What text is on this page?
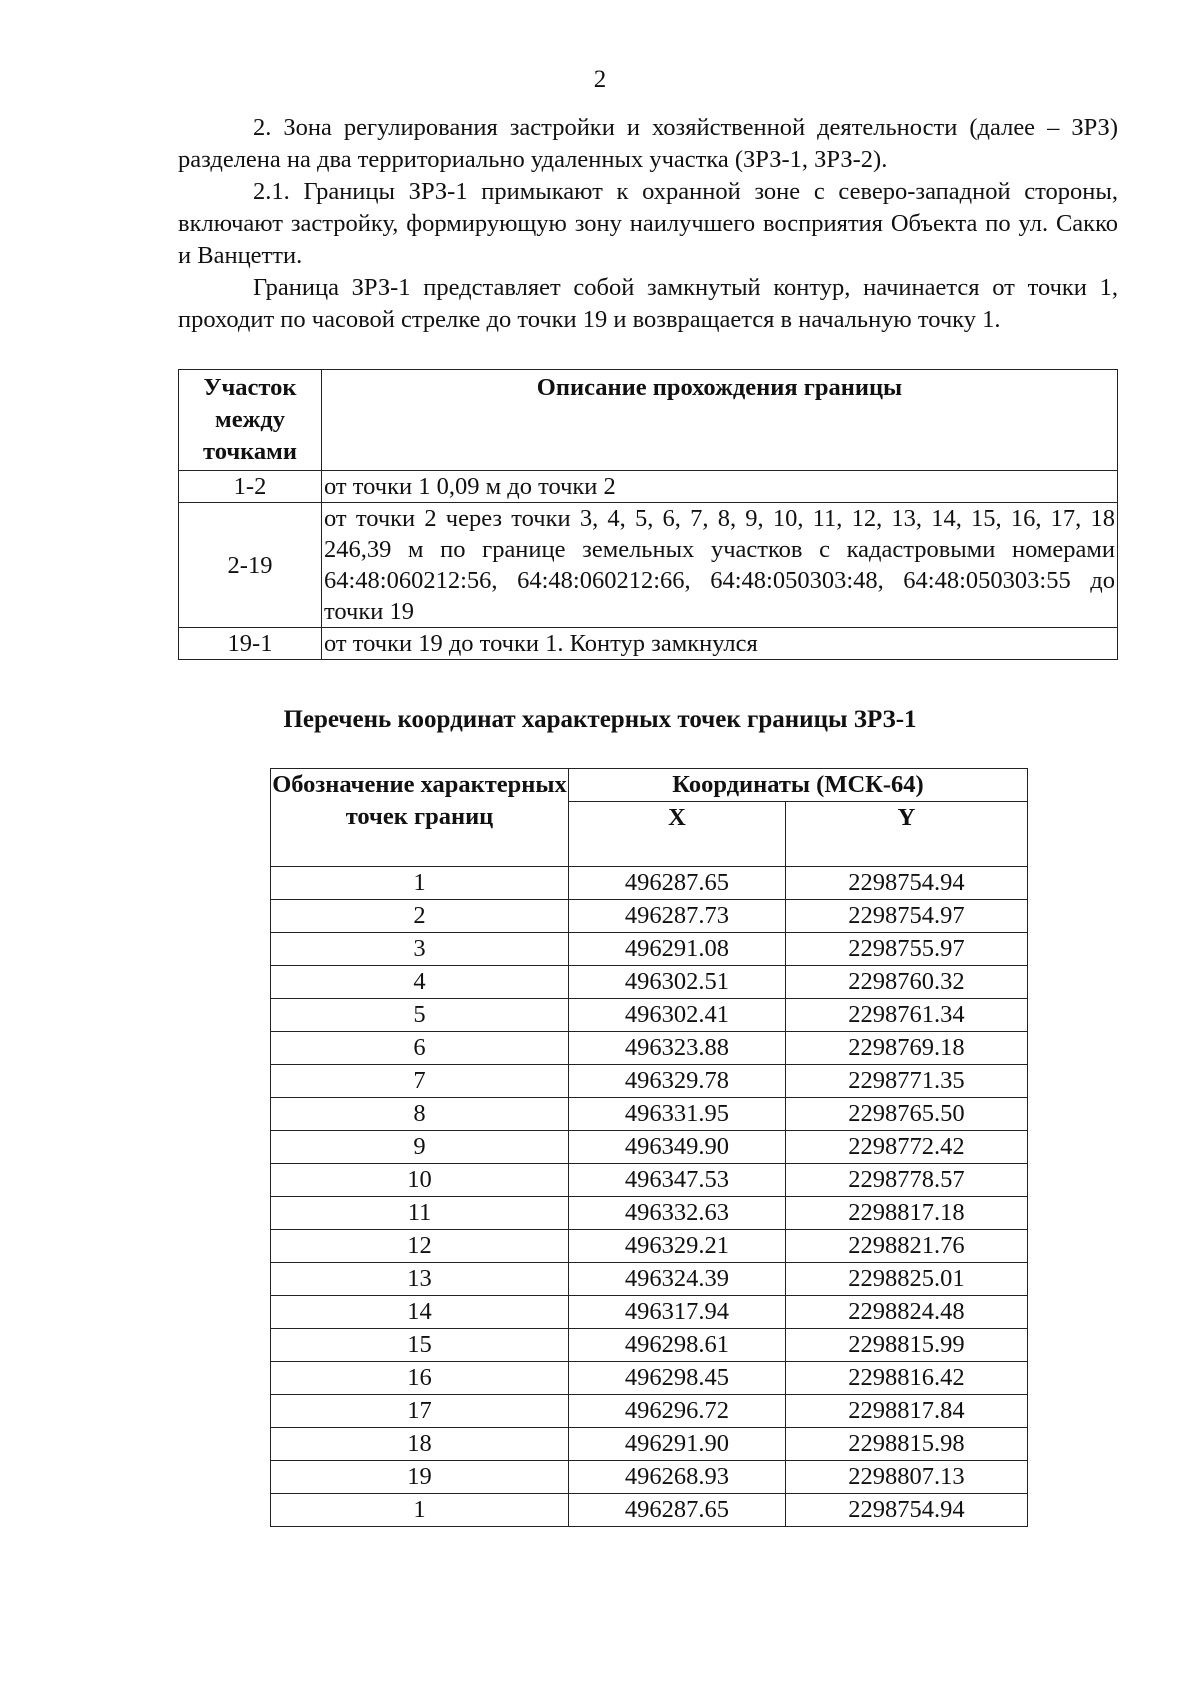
2

2. Зона регулирования застройки и хозяйственной деятельности (далее – ЗРЗ) разделена на два территориально удаленных участка (ЗРЗ-1, ЗРЗ-2).

2.1. Границы ЗРЗ-1 примыкают к охранной зоне с северо-западной стороны, включают застройку, формирующую зону наилучшего восприятия Объекта по ул. Сакко и Ванцетти.

Граница ЗРЗ-1 представляет собой замкнутый контур, начинается от точки 1, проходит по часовой стрелке до точки 19 и возвращается в начальную точку 1.

Участок между точками	Описание прохождения границы
1-2	от точки 1 0,09 м до точки 2
2-19	от точки 2 через точки 3, 4, 5, 6, 7, 8, 9, 10, 11, 12, 13, 14, 15, 16, 17, 18 246,39 м по границе земельных участков с кадастровыми номерами 64:48:060212:56, 64:48:060212:66, 64:48:050303:48, 64:48:050303:55 до точки 19
19-1	от точки 19 до точки 1. Контур замкнулся
Перечень координат характерных точек границы ЗРЗ-1
Обозначение характерных точек границ	Координаты (МСК-64)	
	X	Y
1	496287.65	2298754.94
2	496287.73	2298754.97
3	496291.08	2298755.97
4	496302.51	2298760.32
5	496302.41	2298761.34
6	496323.88	2298769.18
7	496329.78	2298771.35
8	496331.95	2298765.50
9	496349.90	2298772.42
10	496347.53	2298778.57
11	496332.63	2298817.18
12	496329.21	2298821.76
13	496324.39	2298825.01
14	496317.94	2298824.48
15	496298.61	2298815.99
16	496298.45	2298816.42
17	496296.72	2298817.84
18	496291.90	2298815.98
19	496268.93	2298807.13
1	496287.65	2298754.94
